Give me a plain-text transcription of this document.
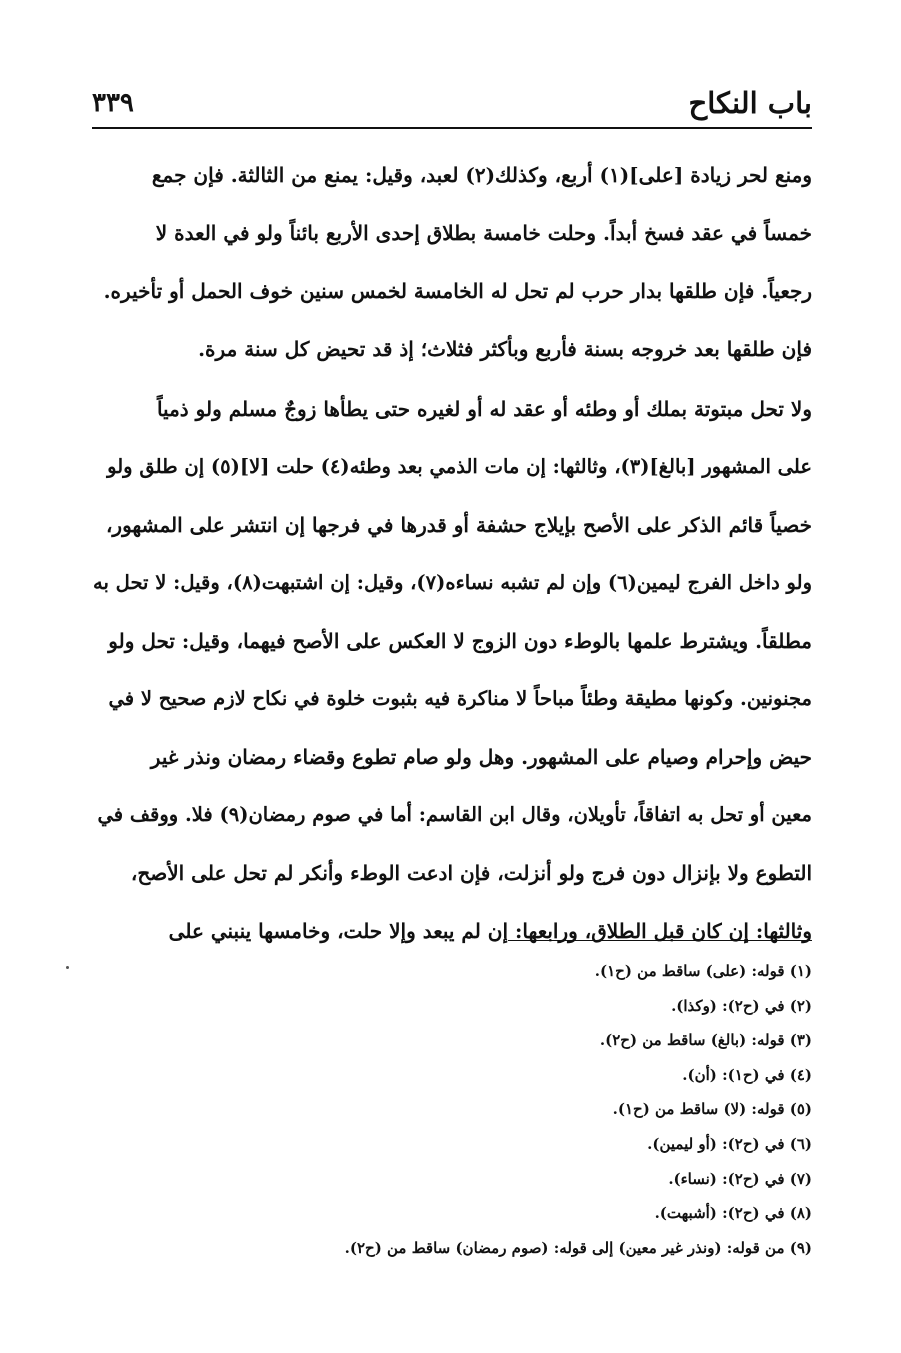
باب النكاح
٣٣٩
ومنع لحر زيادة [على](١) أربع، وكذلك(٢) لعبد، وقيل: يمنع من الثالثة. فإن جمع
خمساً في عقد فسخ أبداً. وحلت خامسة بطلاق إحدى الأربع بائناً ولو في العدة لا
رجعياً. فإن طلقها بدار حرب لم تحل له الخامسة لخمس سنين خوف الحمل أو تأخيره.
فإن طلقها بعد خروجه بسنة فأربع وبأكثر فثلاث؛ إذ قد تحيض كل سنة مرة.
ولا تحل مبتوتة بملك أو وطئه أو عقد له أو لغيره حتى يطأها زوجٌ مسلم ولو ذمياً
على المشهور [بالغ](٣)، وثالثها: إن مات الذمي بعد وطئه(٤) حلت [لا](٥) إن طلق ولو
خصياً قائم الذكر على الأصح بإيلاج حشفة أو قدرها في فرجها إن انتشر على المشهور،
ولو داخل الفرج ليمين(٦) وإن لم تشبه نساءه(٧)، وقيل: إن اشتبهت(٨)، وقيل: لا تحل به
مطلقاً. ويشترط علمها بالوطء دون الزوج لا العكس على الأصح فيهما، وقيل: تحل ولو
مجنونين. وكونها مطيقة وطئاً مباحاً لا مناكرة فيه بثبوت خلوة في نكاح لازم صحيح لا في
حيض وإحرام وصيام على المشهور. وهل ولو صام تطوع وقضاء رمضان ونذر غير
معين أو تحل به اتفاقاً، تأويلان، وقال ابن القاسم: أما في صوم رمضان(٩) فلا. ووقف في
التطوع ولا بإنزال دون فرج ولو أنزلت، فإن ادعت الوطء وأنكر لم تحل على الأصح،
وثالثها: إن كان قبل الطلاق، ورابعها: إن لم يبعد وإلا حلت، وخامسها ينبني على
(١) قوله: (على) ساقط من (ح١).
(٢) في (ح٢): (وكذا).
(٣) قوله: (بالغ) ساقط من (ح٢).
(٤) في (ح١): (أن).
(٥) قوله: (لا) ساقط من (ح١).
(٦) في (ح٢): (أو ليمين).
(٧) في (ح٢): (نساء).
(٨) في (ح٢): (أشبهت).
(٩) من قوله: (ونذر غير معين) إلى قوله: (صوم رمضان) ساقط من (ح٢).
